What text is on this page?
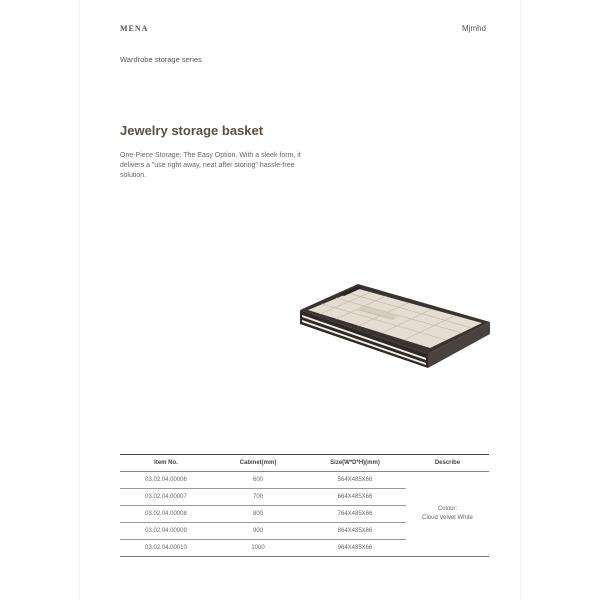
MENA	Mjmhd
Wardrobe storage series
Jewelry storage basket
One-Piece Storage: The Easy Option. With a sleek form, it delivers a "use right away, neat after storing" hassle-free solution.
Item No.	Cabinet(mm)	Size(W*D*H)(mm)	Describe
03.02.04.00006	600	564X485X66	Colour:
Cloud Velvet White

03.02.04.00007	700	664X485X66	
03.02.04.00008	800	764X485X66	
03.02.04.00009	900	864X485X66	
03.02.04.00010	1000	964X485X66	
